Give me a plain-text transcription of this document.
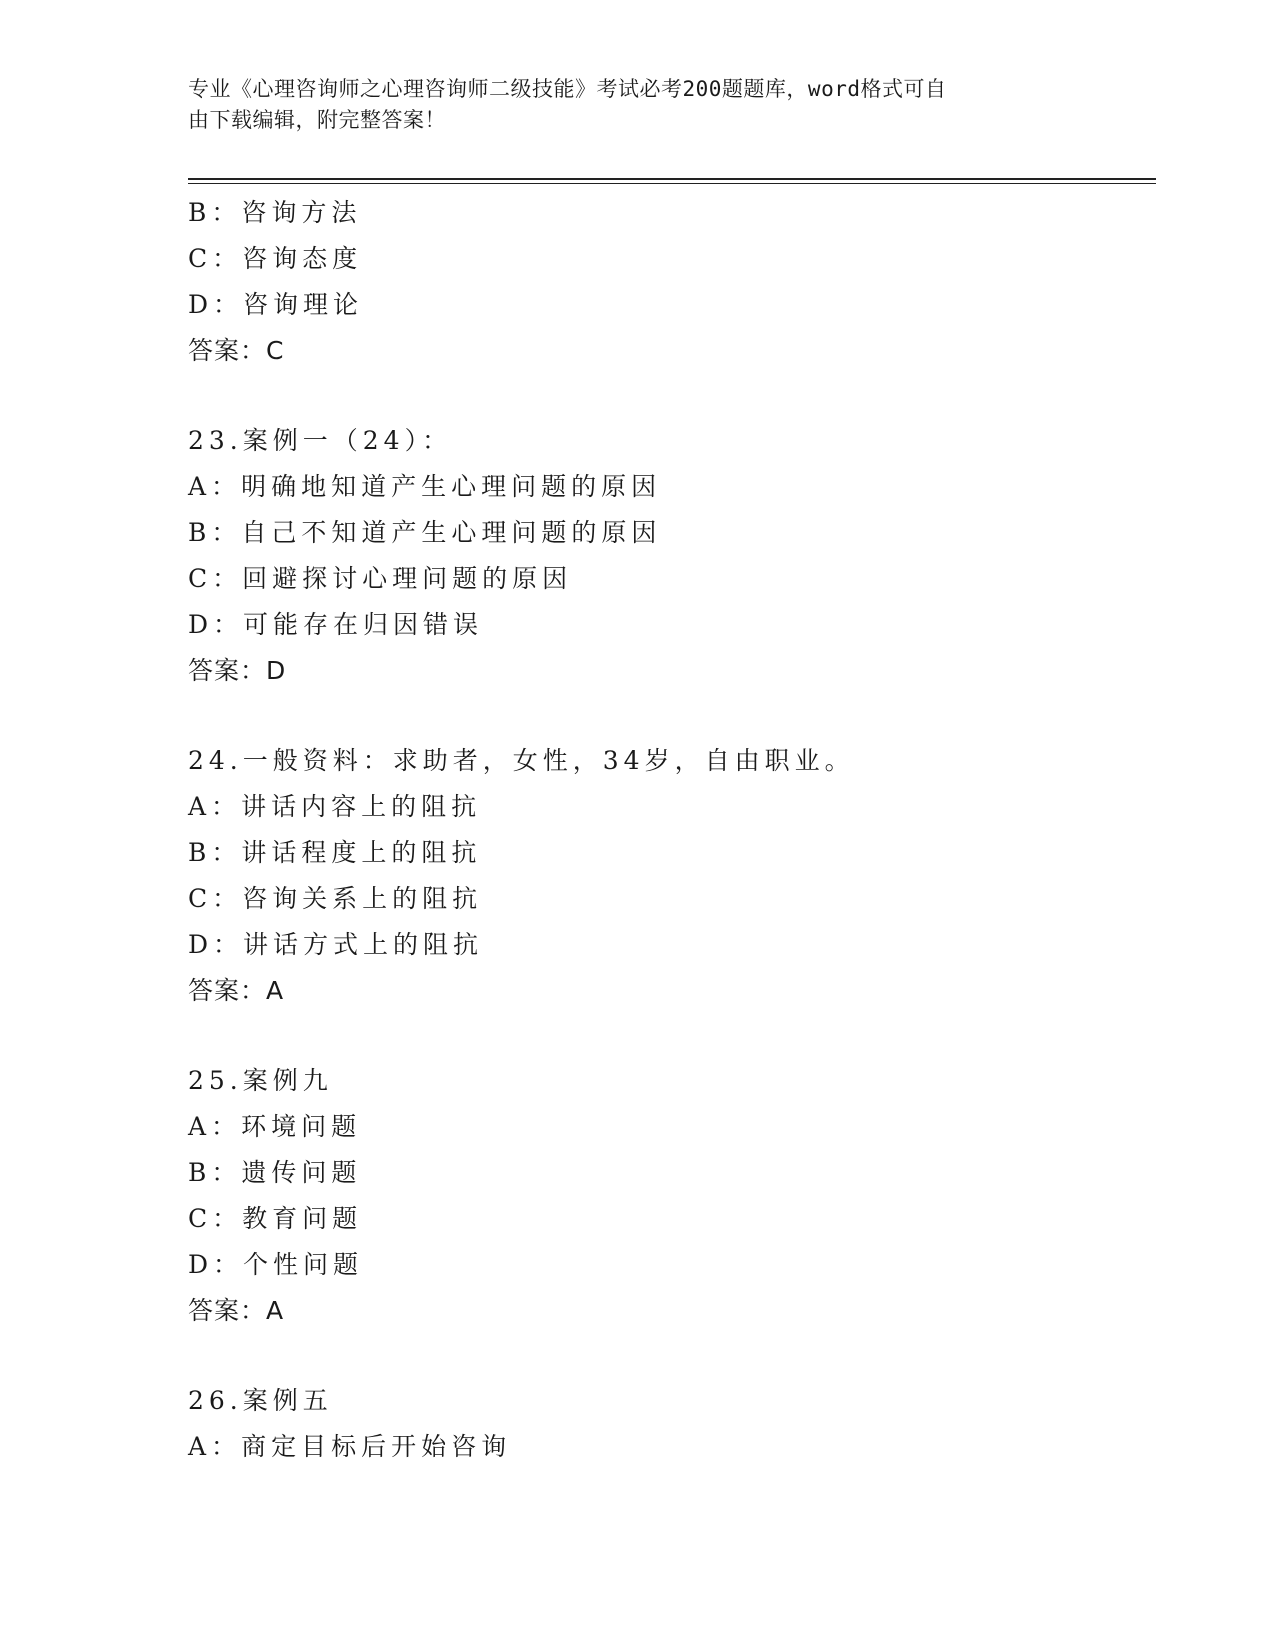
专业《心理咨询师之心理咨询师二级技能》考试必考200题题库，word格式可自
由下载编辑，附完整答案！
B：咨询方法
C：咨询态度
D：咨询理论
答案：C
23.案例一（24）：
A：明确地知道产生心理问题的原因
B：自己不知道产生心理问题的原因
C：回避探讨心理问题的原因
D：可能存在归因错误
答案：D
24.一般资料：求助者，女性，34岁，自由职业。
A：讲话内容上的阻抗
B：讲话程度上的阻抗
C：咨询关系上的阻抗
D：讲话方式上的阻抗
答案：A
25.案例九
A：环境问题
B：遗传问题
C：教育问题
D：个性问题
答案：A
26.案例五
A：商定目标后开始咨询
